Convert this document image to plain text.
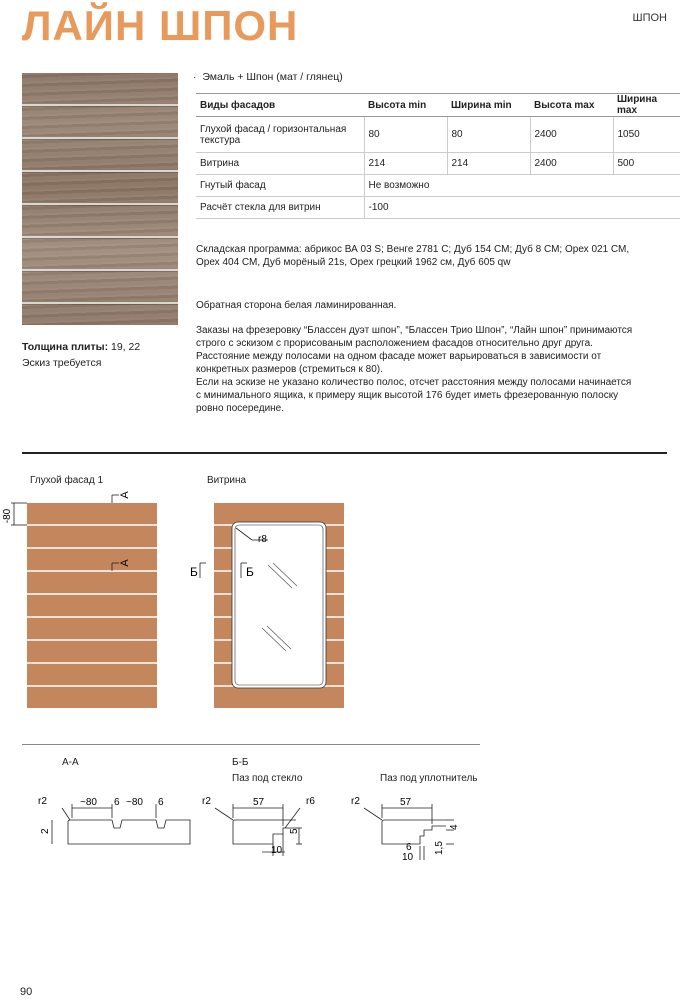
ЛАЙН ШПОН	ШПОН
Толщина плиты: 19, 22
Эскиз требуется
·  Эмаль + Шпон (мат / глянец)
Виды фасадов	Высота min	Ширина min	Высота max	Ширина max
Глухой фасад / горизонтальная текстура	80	80	2400	1050
Витрина	214	214	2400	500
Гнутый фасад	Не возможно			
Расчёт стекла для витрин	-100			
Складская программа: абрикос ВА 03 S; Венге 2781 С; Дуб 154 СМ; Дуб 8 СМ; Орех 021 СМ, Орех 404 СМ, Дуб морёный 21s, Орех грецкий 1962 см, Дуб 605 qw
Обратная сторона белая ламинированная.
Заказы на фрезеровку “Блассен дуэт шпон”, “Блассен Трио Шпон”, “Лайн шпон” принимаются
строго с эскизом с прорисованым расположением фасадов относительно друг друга.
Расстояние между полосами на одном фасаде может варьироваться в зависимости от
конкретных размеров (стремиться к 80).
Если на эскизе не указано количество полос, отсчет расстояния между полосами начинается
с минимального ящика, к примеру ящик высотой 176 будет иметь фрезерованную полоску
ровно посередине.
Глухой фасад 1	Витрина
-80
А
А
r8
Б	Б
А-А	Б-Б
Паз под стекло	Паз под уплотнитель
r2	~80 6 ~80 6
2
r2	57	r6
5
10
r2	57
4
1,5
6
10
90
